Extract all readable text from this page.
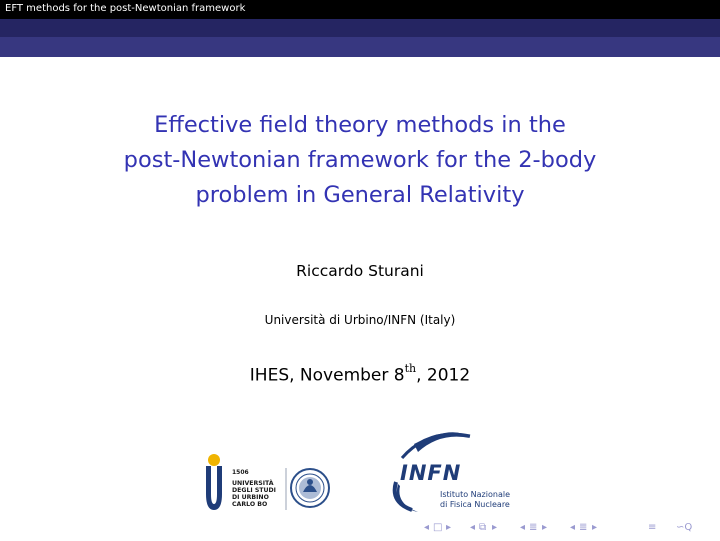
EFT methods for the post-Newtonian framework
Effective field theory methods in the
post-Newtonian framework for the 2-body
problem in General Relativity
Riccardo Sturani
Università di Urbino/INFN (Italy)
IHES, November 8th, 2012
1506
UNIVERSITÀ
DEGLI STUDI
DI URBINO
CARLO BO
INFN
Istituto Nazionale
di Fisica Nucleare
◂ □ ▸ ◂ ⧉ ▸ ◂ ≣ ▸ ◂ ≣ ▸	≡ ∽Q
